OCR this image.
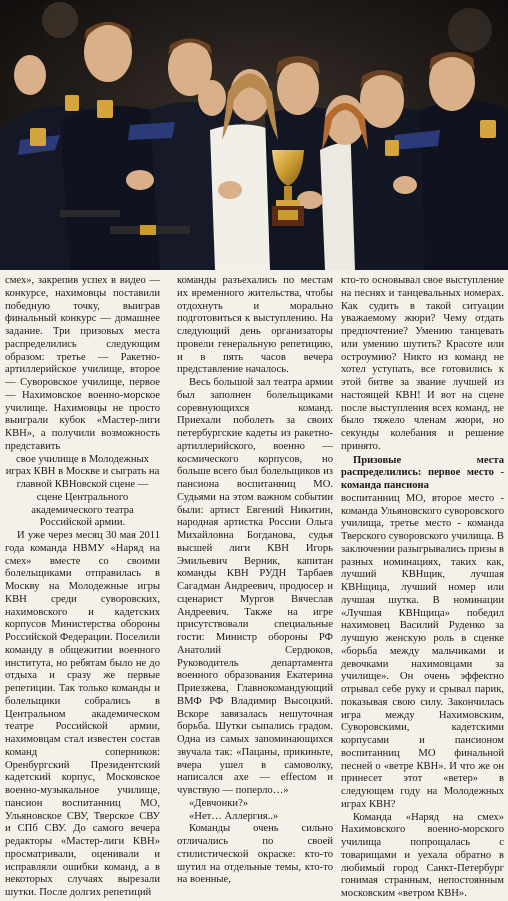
смех», закрепив успех в видео — конкурсе, нахимовцы поставили победную точку, выиграв финальный конкурс — домашнее задание. Три призовых места распределились следующим образом: третье — Ракетно-артиллерийское училище, второе — Суворовское училище, первое — Нахимовское военно-морское училище. Нахимовцы не просто выиграли кубок «Мастер-лиги КВН», а получили возможность представить

свое училище в Молодежных играх КВН в Москве и сыграть на главной КВНовской сцене — сцене Центрального академического театра Российской армии.

И уже через месяц 30 мая 2011 года команда НВМУ «Наряд на смех» вместе со своими болельщиками отправилась в Москву на Молодежные игры КВН среди суворовских, нахимовского и кадетских корпусов Министерства обороны Российской Федерации. Поселили команду в общежитии военного института, но ребятам было не до отдыха и сразу же первые репетиции. Так только команды и болельщики собрались в Центральном академическом театре Российской армии, нахимовцам стал известен состав команд соперников: Оренбургский Президентский кадетский корпус, Московское военно-музыкальное училище, пансион воспитанниц МО, Ульяновское СВУ, Тверское СВУ и СПб СВУ. До самого вечера редакторы «Мастер-лиги КВН» просматривали, оценивали и исправляли ошибки команд, а в некоторых случаях вырезали шутки. После долгих репетиций

команды разъехались по местам их временного жительства, чтобы отдохнуть и морально подготовиться к выступлению. На следующий день организаторы провели генеральную репетицию, и в пять часов вечера представление началось.

Весь большой зал театра армии был заполнен болельщиками соревнующихся команд. Приехали поболеть за своих петербургские кадеты из ракетно-артиллерийского, военно — космического корпусов, но больше всего был болельщиков из пансиона воспитанниц МО. Судьями на этом важном событии были: артист Евгений Никитин, народная артистка России Ольга Михайловна Богданова, судья высшей лиги КВН Игорь Эмильевич Верник, капитан команды КВН РУДН Тарбаев Сагадман Андреевич, продюсер и сценарист Мургов Вячеслав Андреевич. Также на игре присутствовали специальные гости: Министр обороны РФ Анатолий Сердюков, Руководитель департамента военного образования Екатерина Приезжева, Главнокомандующий ВМФ РФ Владимир Высоцкий. Вскоре завязалась нешуточная борьба. Шутки сыпались градом. Одна из самых запоминающихся звучала так: «Пацаны, прикиньте, вчера ушел в самоволку, написался axe — effectом и чувствую — поперло…»

«Девчонки?»

«Нет… Аллергия..»

Команды очень сильно отличались по своей стилистической окраске: кто-то шутил на отдельные темы, кто-то на военные,

кто-то основывал свое выступление на песнях и танцевальных номерах. Как судить в такой ситуации уважаемому жюри? Чему отдать предпочтение? Умению танцевать или умению шутить? Красоте или остроумию? Никто из команд не хотел уступать, все готовились к этой битве за звание лучшей из настоящей КВН! И вот на сцене после выступления всех команд, не было тяжело членам жюри, но секунды колебания и решение принято.

Призовые места распределились: первое место - команда пансиона

воспитанниц МО, второе место - команда Ульяновского суворовского училища, третье место - команда Тверского суворовского училища. В заключении разыгрывались призы в разных номинациях, таких как, лучший КВНщик, лучшая КВНщица, лучший номер или лучшая шутка. В номинации «Лучшая КВНщица» победил нахимовец Василий Руденко за лучшую женскую роль в сценке «борьба между мальчиками и девочками нахимовцами за училище». Он очень эффектно отрывал себе руку и срывал парик, показывая свою силу. Закончилась игра между Нахимовским, Суворовскими, кадетскими корпусами и пансионом воспитанниц МО финальной песней о «ветре КВН». И что же он принесет этот «ветер» в следующем году на Молодежных играх КВН?

Команда «Наряд на смех» Нахимовского военно-морского училища попрощалась с товарищами и уехала обратно в любимый город Санкт-Петербург гонимая странным, непостоянным московским «ветром КВН».
